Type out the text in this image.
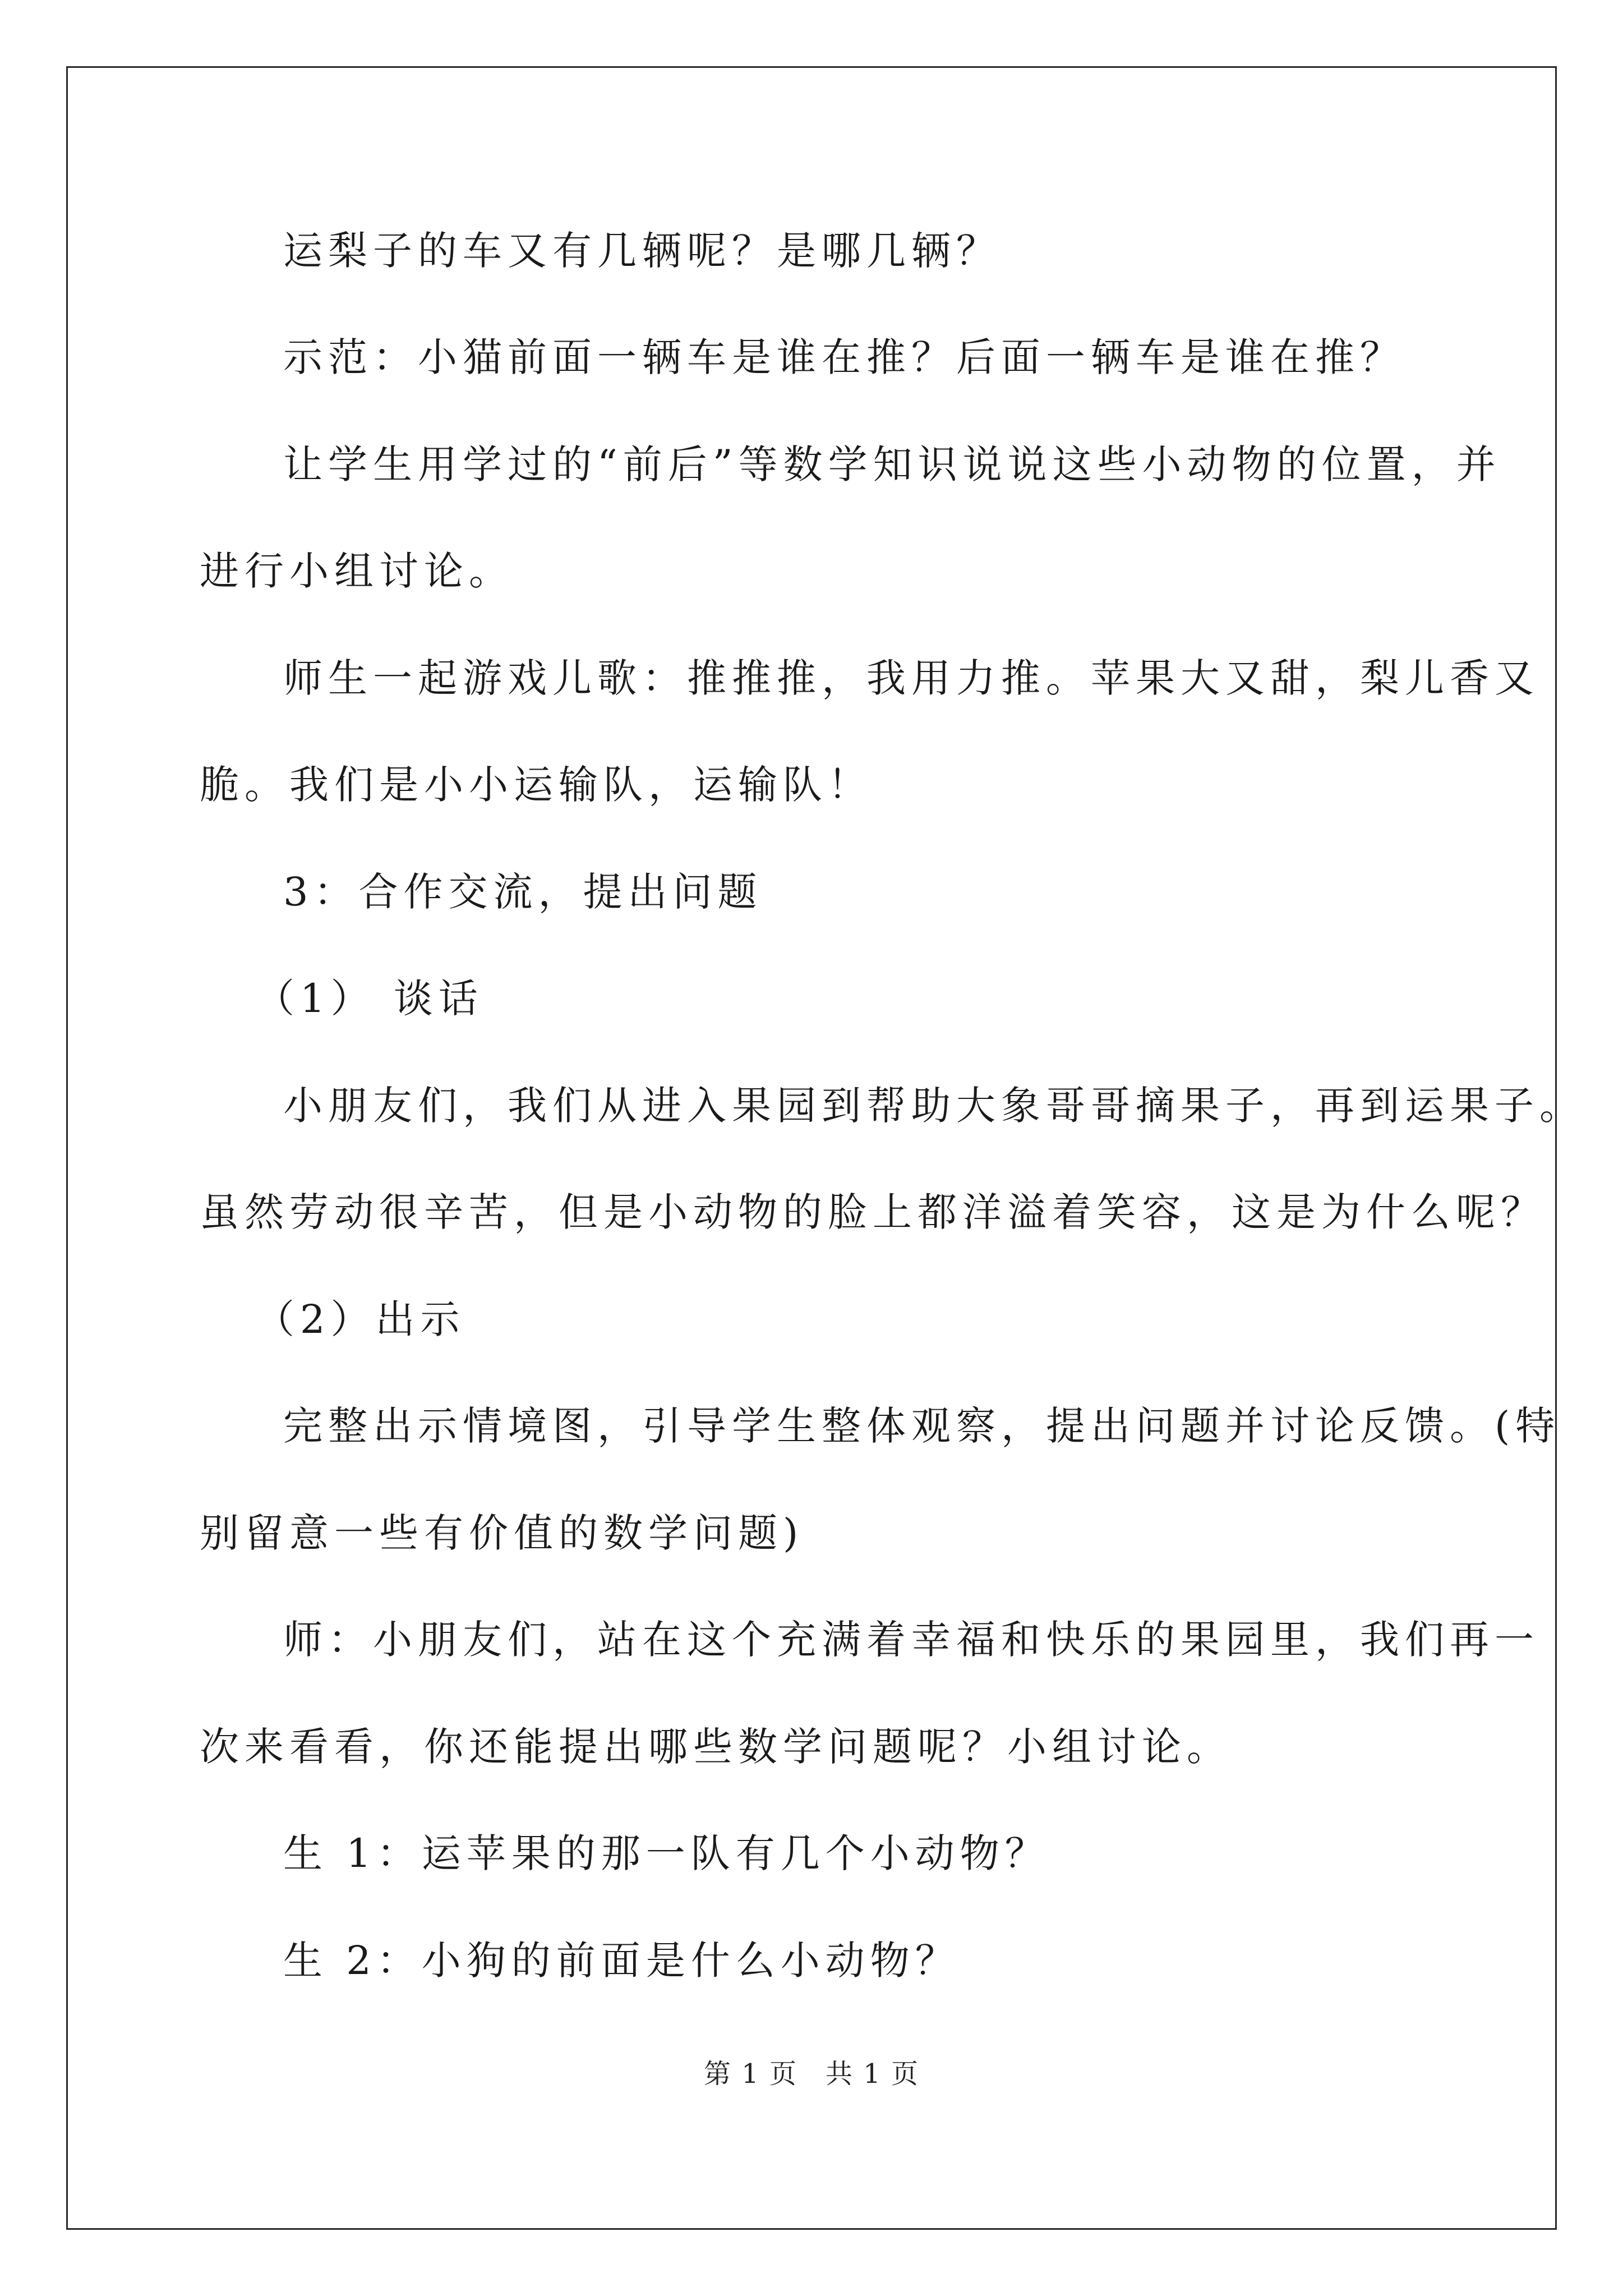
运梨子的车又有几辆呢？是哪几辆？
示范：小猫前面一辆车是谁在推？后面一辆车是谁在推？
让学生用学过的“前后”等数学知识说说这些小动物的位置，并
进行小组讨论。
师生一起游戏儿歌：推推推，我用力推。苹果大又甜，梨儿香又
脆。我们是小小运输队，运输队！
3：合作交流，提出问题
（1） 谈话
小朋友们，我们从进入果园到帮助大象哥哥摘果子，再到运果子。
虽然劳动很辛苦，但是小动物的脸上都洋溢着笑容，这是为什么呢？
（2）出示
完整出示情境图，引导学生整体观察，提出问题并讨论反馈。(特
别留意一些有价值的数学问题)
师：小朋友们，站在这个充满着幸福和快乐的果园里，我们再一
次来看看，你还能提出哪些数学问题呢？小组讨论。
生 1：运苹果的那一队有几个小动物？
生 2：小狗的前面是什么小动物？
第 1 页　共 1 页
